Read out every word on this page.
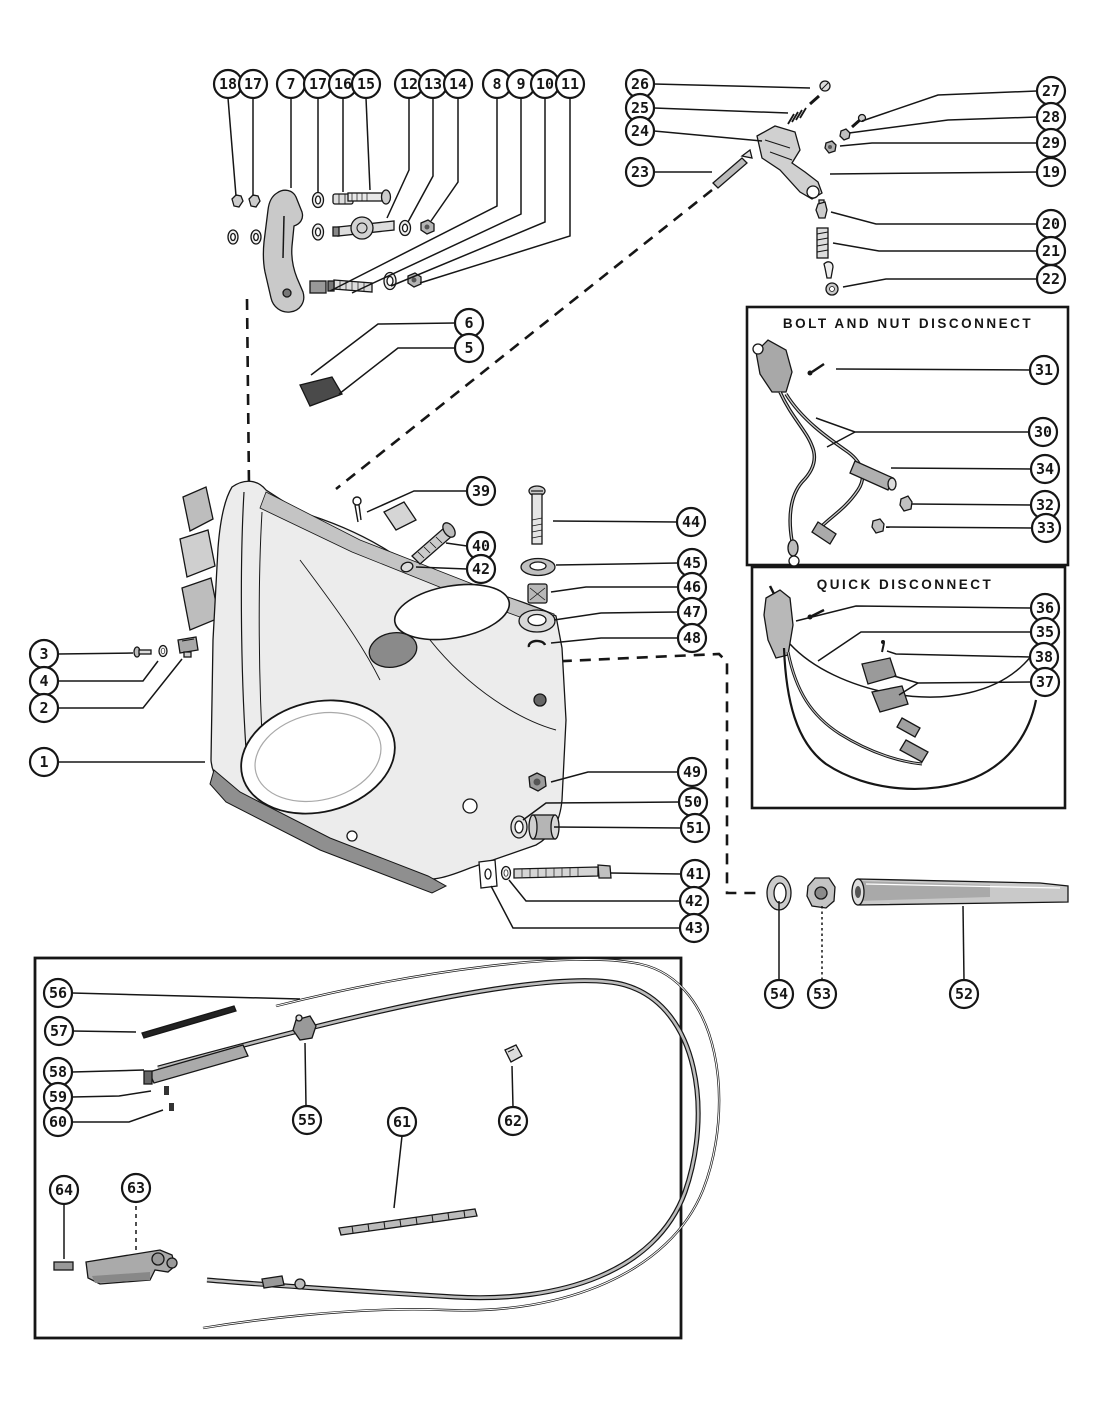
BOLT AND NUT DISCONNECT
QUICK DISCONNECT
18 17 7 17 16 15 12 13 14 8 9 10 11	26
25
24
23
27
28
29
19
20
21
22
31
30
34
32
33
36
35
38
37
6
5
39
40
42
44
45
46
47
48
3
4
2
1
49
50
51
41
42
43
54 53	52
56
57
58
59
60	55	61	62
64	63
